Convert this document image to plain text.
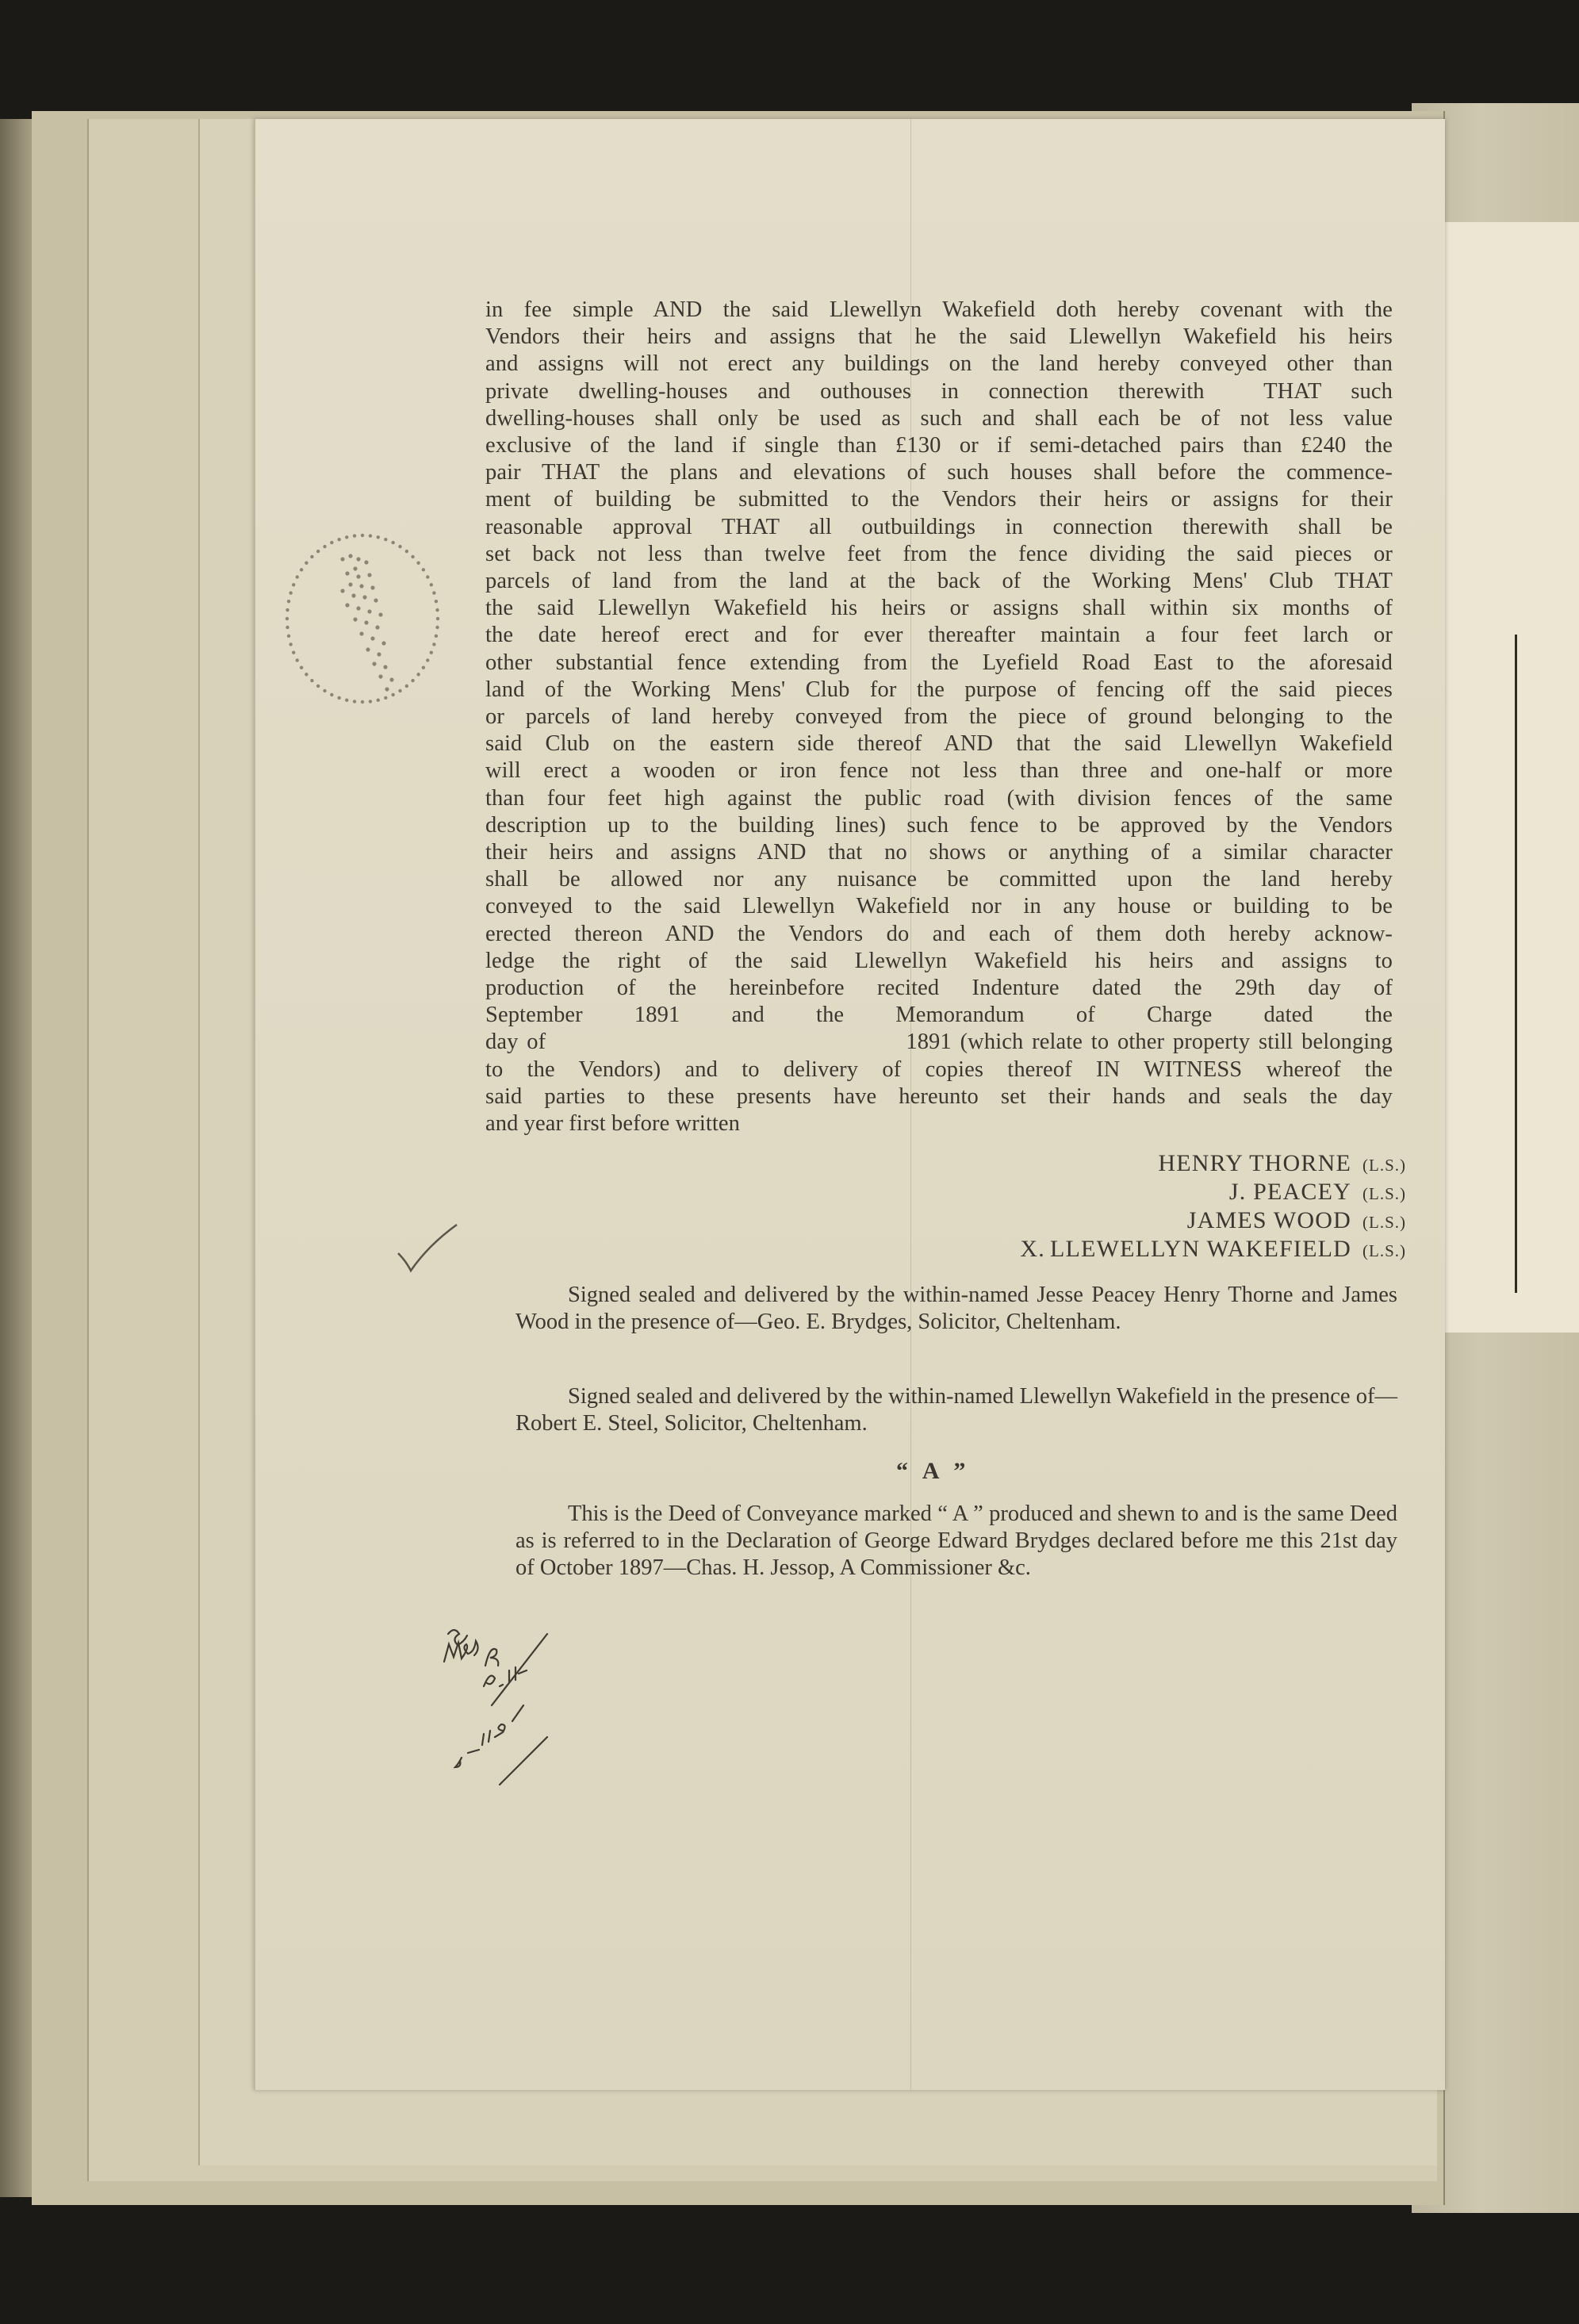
in fee simple AND the said Llewellyn Wakefield doth hereby covenant with the
Vendors their heirs and assigns that he the said Llewellyn Wakefield his heirs
and assigns will not erect any buildings on the land hereby conveyed other than
private dwelling-houses and outhouses in connection therewith  THAT such
dwelling-houses shall only be used as such and shall each be of not less value
exclusive of the land if single than £130 or if semi-detached pairs than £240 the
pair THAT the plans and elevations of such houses shall before the commence-
ment of building be submitted to the Vendors their heirs or assigns for their
reasonable approval THAT all outbuildings in connection therewith shall be
set back not less than twelve feet from the fence dividing the said pieces or
parcels of land from the land at the back of the Working Mens' Club THAT
the said Llewellyn Wakefield his heirs or assigns shall within six months of
the date hereof erect and for ever thereafter maintain a four feet larch or
other substantial fence extending from the Lyefield Road East to the aforesaid
land of the Working Mens' Club for the purpose of fencing off the said pieces
or parcels of land hereby conveyed from the piece of ground belonging to the
said Club on the eastern side thereof AND that the said Llewellyn Wakefield
will erect a wooden or iron fence not less than three and one-half or more
than four feet high against the public road (with division fences of the same
description up to the building lines) such fence to be approved by the Vendors
their heirs and assigns AND that no shows or anything of a similar character
shall be allowed nor any nuisance be committed upon the land hereby
conveyed to the said Llewellyn Wakefield nor in any house or building to be
erected thereon AND the Vendors do and each of them doth hereby acknow-
ledge the right of the said Llewellyn Wakefield his heirs and assigns to
production of the hereinbefore recited Indenture dated the 29th day of
September 1891 and the Memorandum of Charge dated the
day of                                          1891 (which relate to other property still belonging
to the Vendors) and to delivery of copies thereof IN WITNESS whereof the
said parties to these presents have hereunto set their hands and seals the day
and year first before written
HENRY THORNE (L.S.)
J. PEACEY (L.S.)
JAMES WOOD (L.S.)
X. LLEWELLYN WAKEFIELD (L.S.)

Signed sealed and delivered by the within-named Jesse Peacey Henry Thorne and James Wood in the presence of—Geo. E. Brydges, Solicitor, Cheltenham.

Signed sealed and delivered by the within-named Llewellyn Wakefield in the presence of—Robert E. Steel, Solicitor, Cheltenham.

“ A ”

This is the Deed of Conveyance marked “ A ” produced and shewn to and is the same Deed as is referred to in the Declaration of George Edward Brydges declared before me this 21st day of October 1897—Chas. H. Jessop, A Commissioner &c.
